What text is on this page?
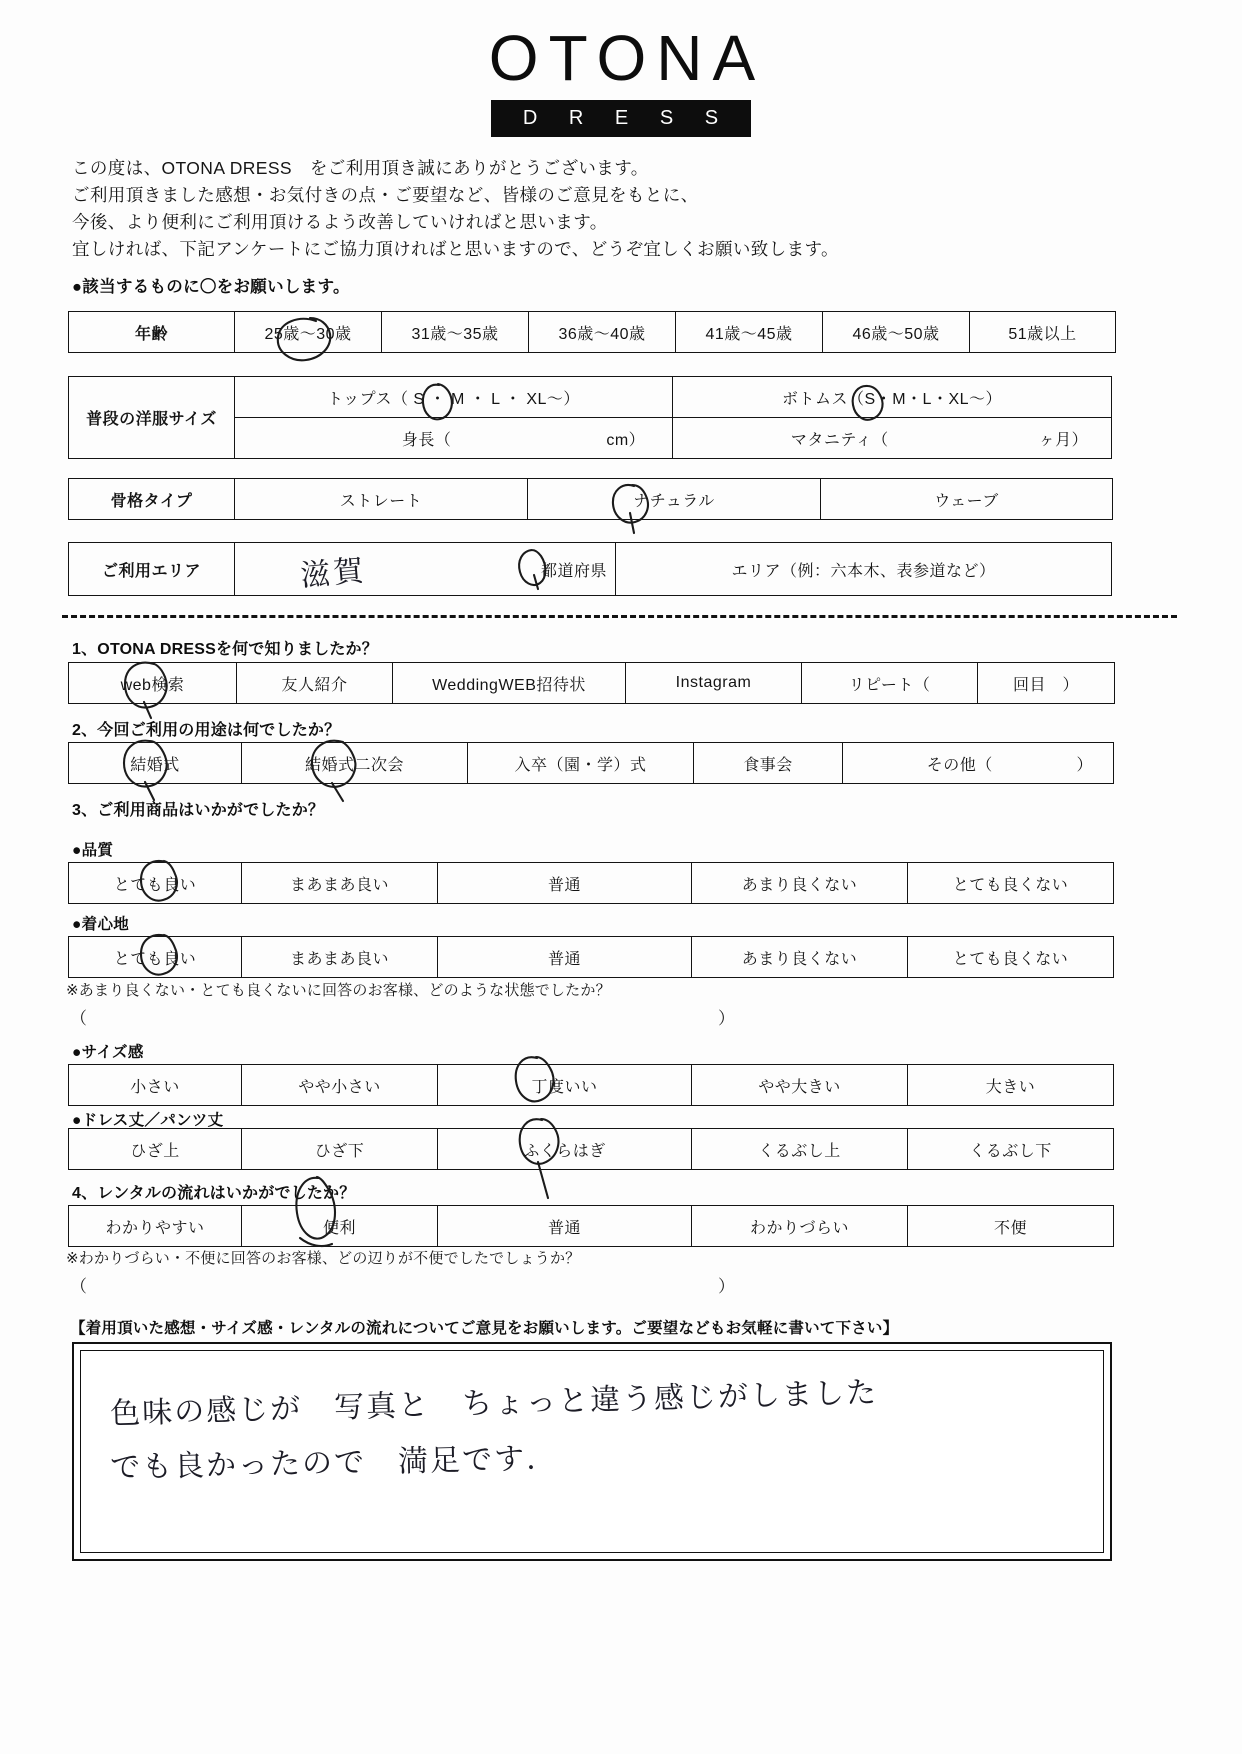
OTONA
D R E S S
この度は、OTONA DRESS　をご利用頂き誠にありがとうございます。
ご利用頂きました感想・お気付きの点・ご要望など、皆様のご意見をもとに、
今後、より便利にご利用頂けるよう改善していければと思います。
宜しければ、下記アンケートにご協力頂ければと思いますので、どうぞ宜しくお願い致します。
●該当するものに〇をお願いします。
年齢	25歳〜30歳	31歳〜35歳	36歳〜40歳	41歳〜45歳	46歳〜50歳	51歳以上
普段の洋服サイズ	トップス（ S ・ M ・ L ・ XL〜）	ボトムス（S・M・L・XL〜）
	身長（ cm）	マタニティ（ ヶ月）
骨格タイプ	ストレート	ナチュラル	ウェーブ
ご利用エリア	都道府県	エリア（例：六本木、表参道など）
滋賀
1、OTONA DRESSを何で知りましたか？
web検索	友人紹介	WeddingWEB招待状	Instagram	リピート（	回目　）
2、今回ご利用の用途は何でしたか？
結婚式	結婚式二次会	入卒（園・学）式	食事会	その他（	）
3、ご利用商品はいかがでしたか？
●品質
とても良い	まあまあ良い	普通	あまり良くない	とても良くない
●着心地
とても良い	まあまあ良い	普通	あまり良くない	とても良くない
※あまり良くない・とても良くないに回答のお客様、どのような状態でしたか？
（	）
●サイズ感
小さい	やや小さい	丁度いい	やや大きい	大きい
●ドレス丈／パンツ丈
ひざ上	ひざ下	ふくらはぎ	くるぶし上	くるぶし下
4、レンタルの流れはいかがでしたか？
わかりやすい	便利	普通	わかりづらい	不便
※わかりづらい・不便に回答のお客様、どの辺りが不便でしたでしょうか？
（	）
【着用頂いた感想・サイズ感・レンタルの流れについてご意見をお願いします。ご要望などもお気軽に書いて下さい】
色味の感じが　写真と　ちょっと違う感じがしました
でも良かったので　満足です.
